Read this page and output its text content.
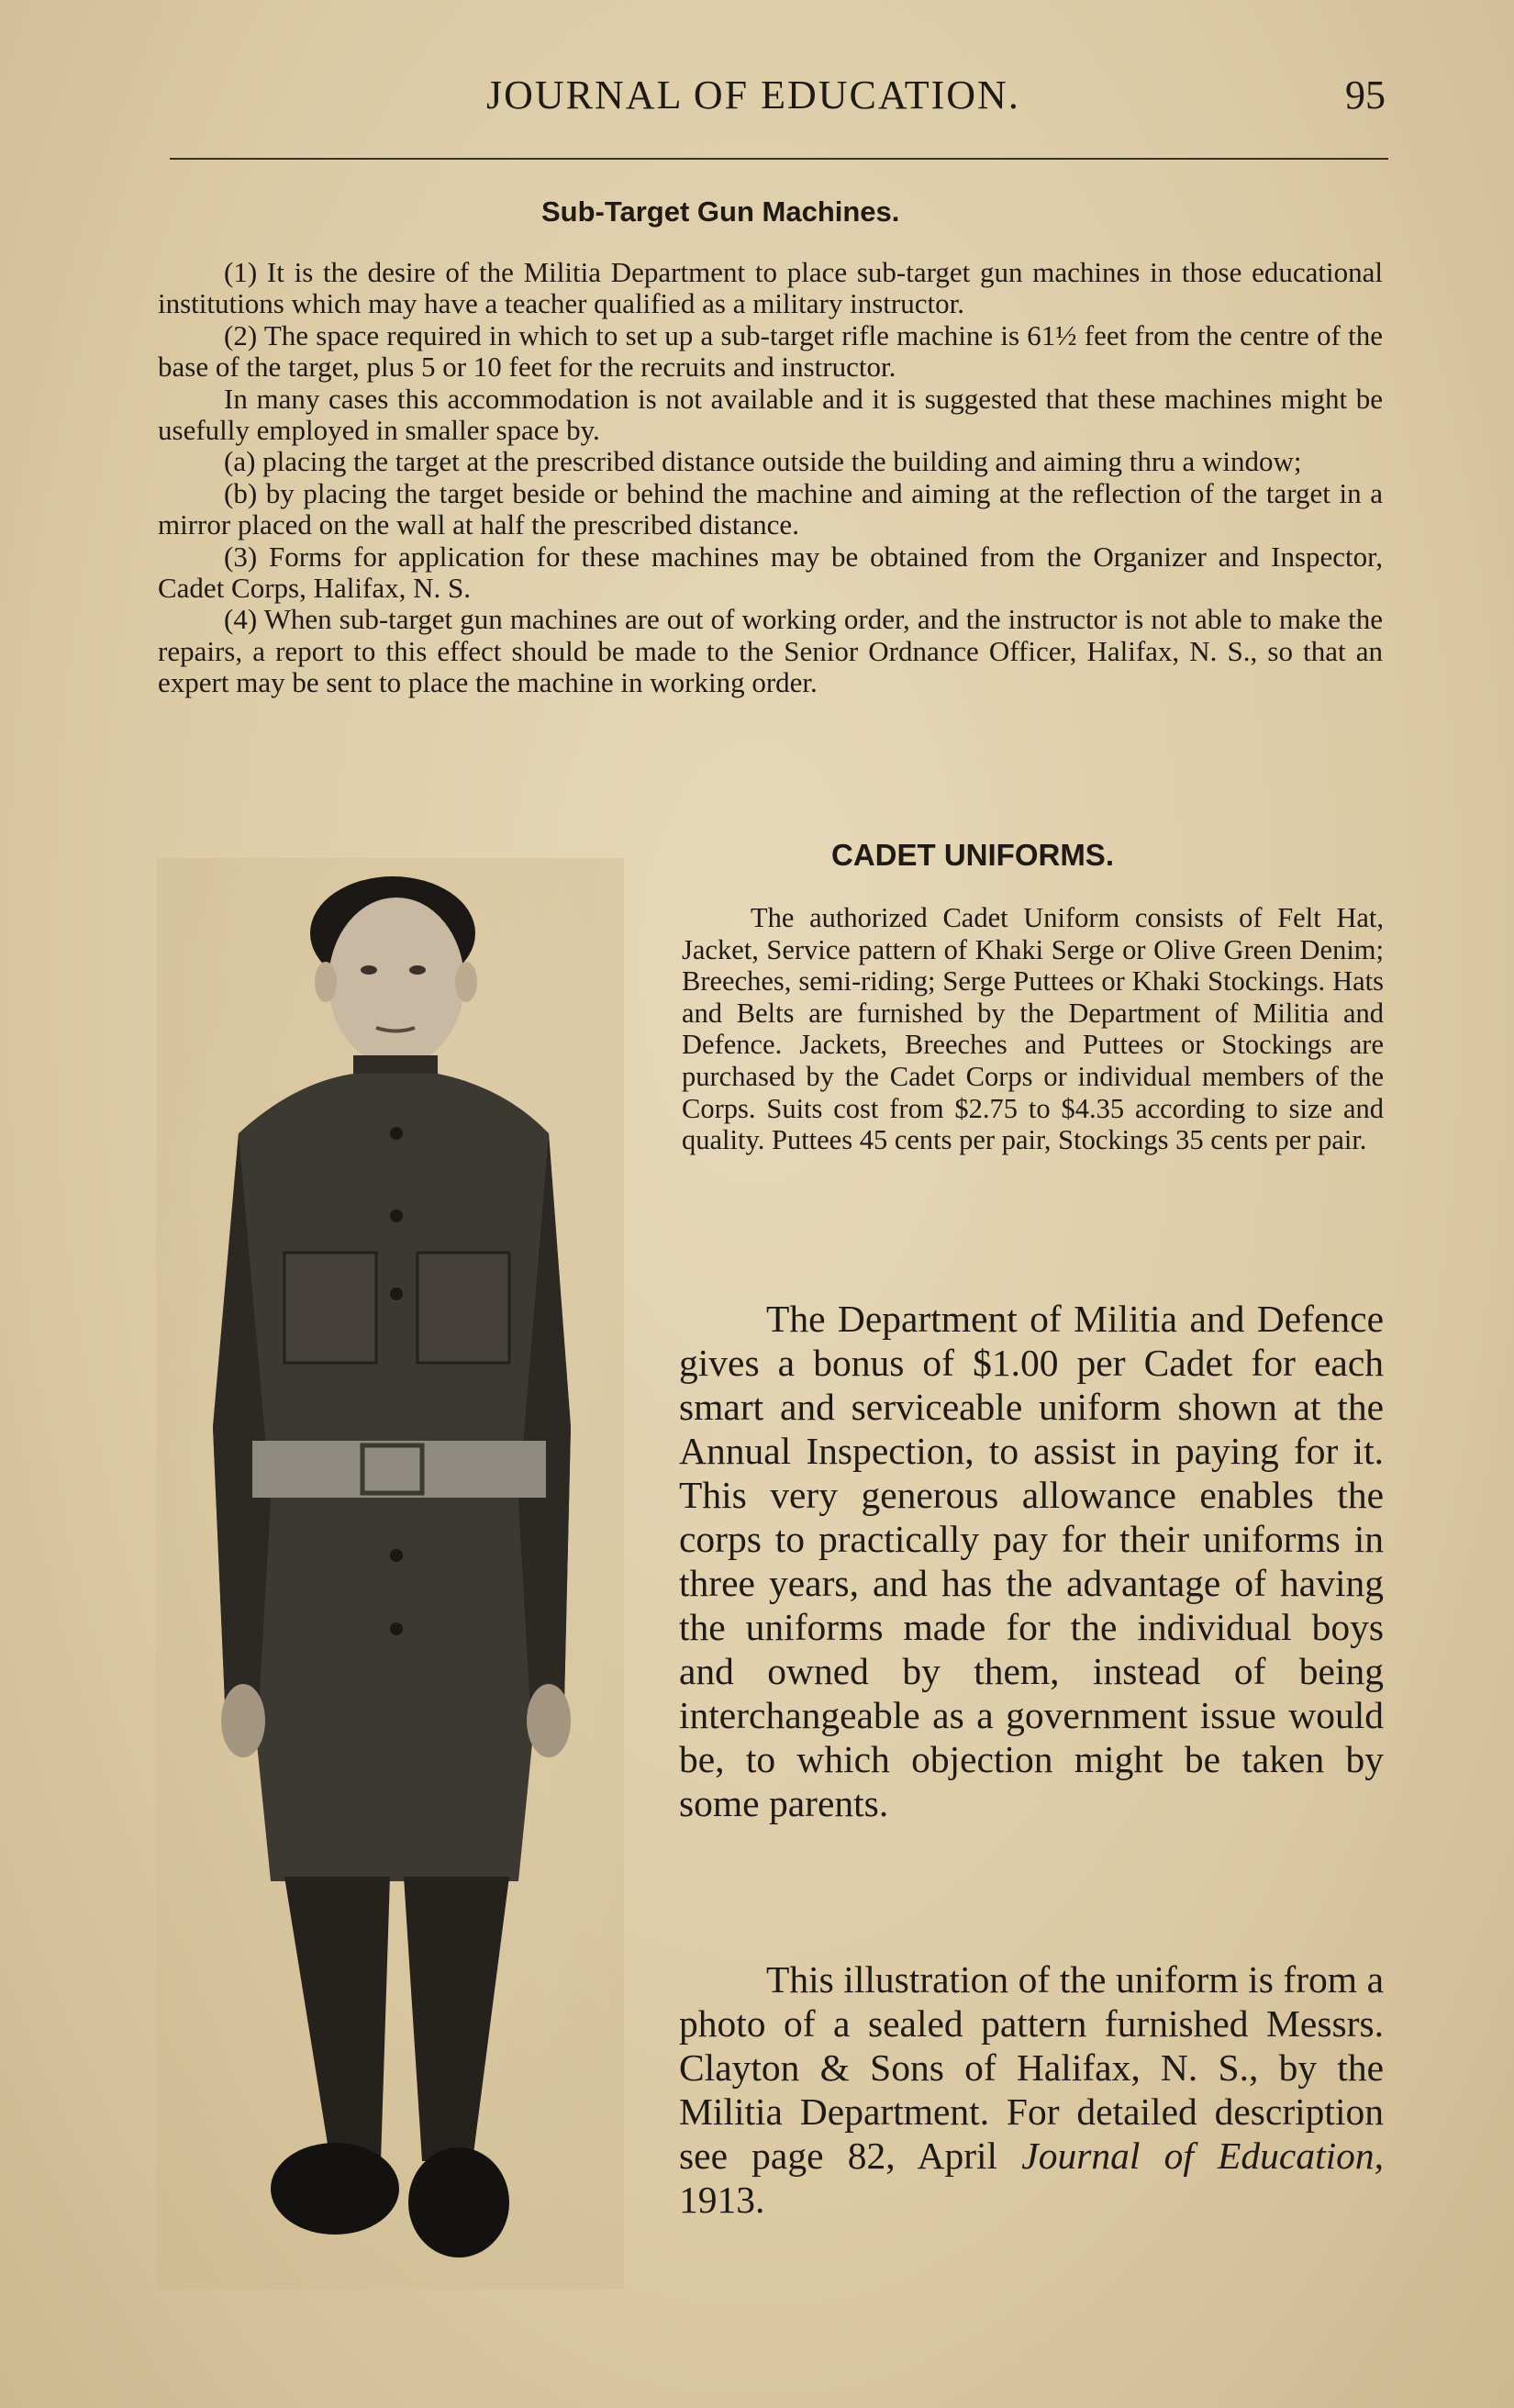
JOURNAL OF EDUCATION.	95
Sub-Target Gun Machines.

(1) It is the desire of the Militia Department to place sub-target gun machines in those educational institutions which may have a teacher qualified as a military instructor.

(2) The space required in which to set up a sub-target rifle machine is 61½ feet from the centre of the base of the target, plus 5 or 10 feet for the recruits and instructor.

In many cases this accommodation is not available and it is suggested that these machines might be usefully employed in smaller space by.

(a) placing the target at the prescribed distance outside the building and aiming thru a window;

(b) by placing the target beside or behind the machine and aiming at the reflection of the target in a mirror placed on the wall at half the prescribed distance.

(3) Forms for application for these machines may be obtained from the Organizer and Inspector, Cadet Corps, Halifax, N. S.

(4) When sub-target gun machines are out of working order, and the instructor is not able to make the repairs, a report to this effect should be made to the Senior Ordnance Officer, Halifax, N. S., so that an expert may be sent to place the machine in working order.

CADET UNIFORMS.

The authorized Cadet Uniform consists of Felt Hat, Jacket, Service pattern of Khaki Serge or Olive Green Denim; Breeches, semi-riding; Serge Puttees or Khaki Stockings. Hats and Belts are furnished by the Department of Militia and Defence. Jackets, Breeches and Puttees or Stockings are purchased by the Cadet Corps or individual members of the Corps. Suits cost from $2.75 to $4.35 according to size and quality. Puttees 45 cents per pair, Stockings 35 cents per pair.

The Department of Militia and Defence gives a bonus of $1.00 per Cadet for each smart and serviceable uniform shown at the Annual Inspection, to assist in paying for it. This very generous allowance enables the corps to practically pay for their uniforms in three years, and has the advantage of having the uniforms made for the individual boys and owned by them, instead of being interchangeable as a government issue would be, to which objection might be taken by some parents.

This illustration of the uniform is from a photo of a sealed pattern furnished Messrs. Clayton & Sons of Halifax, N. S., by the Militia Department. For detailed description see page 82, April Journal of Education, 1913.
